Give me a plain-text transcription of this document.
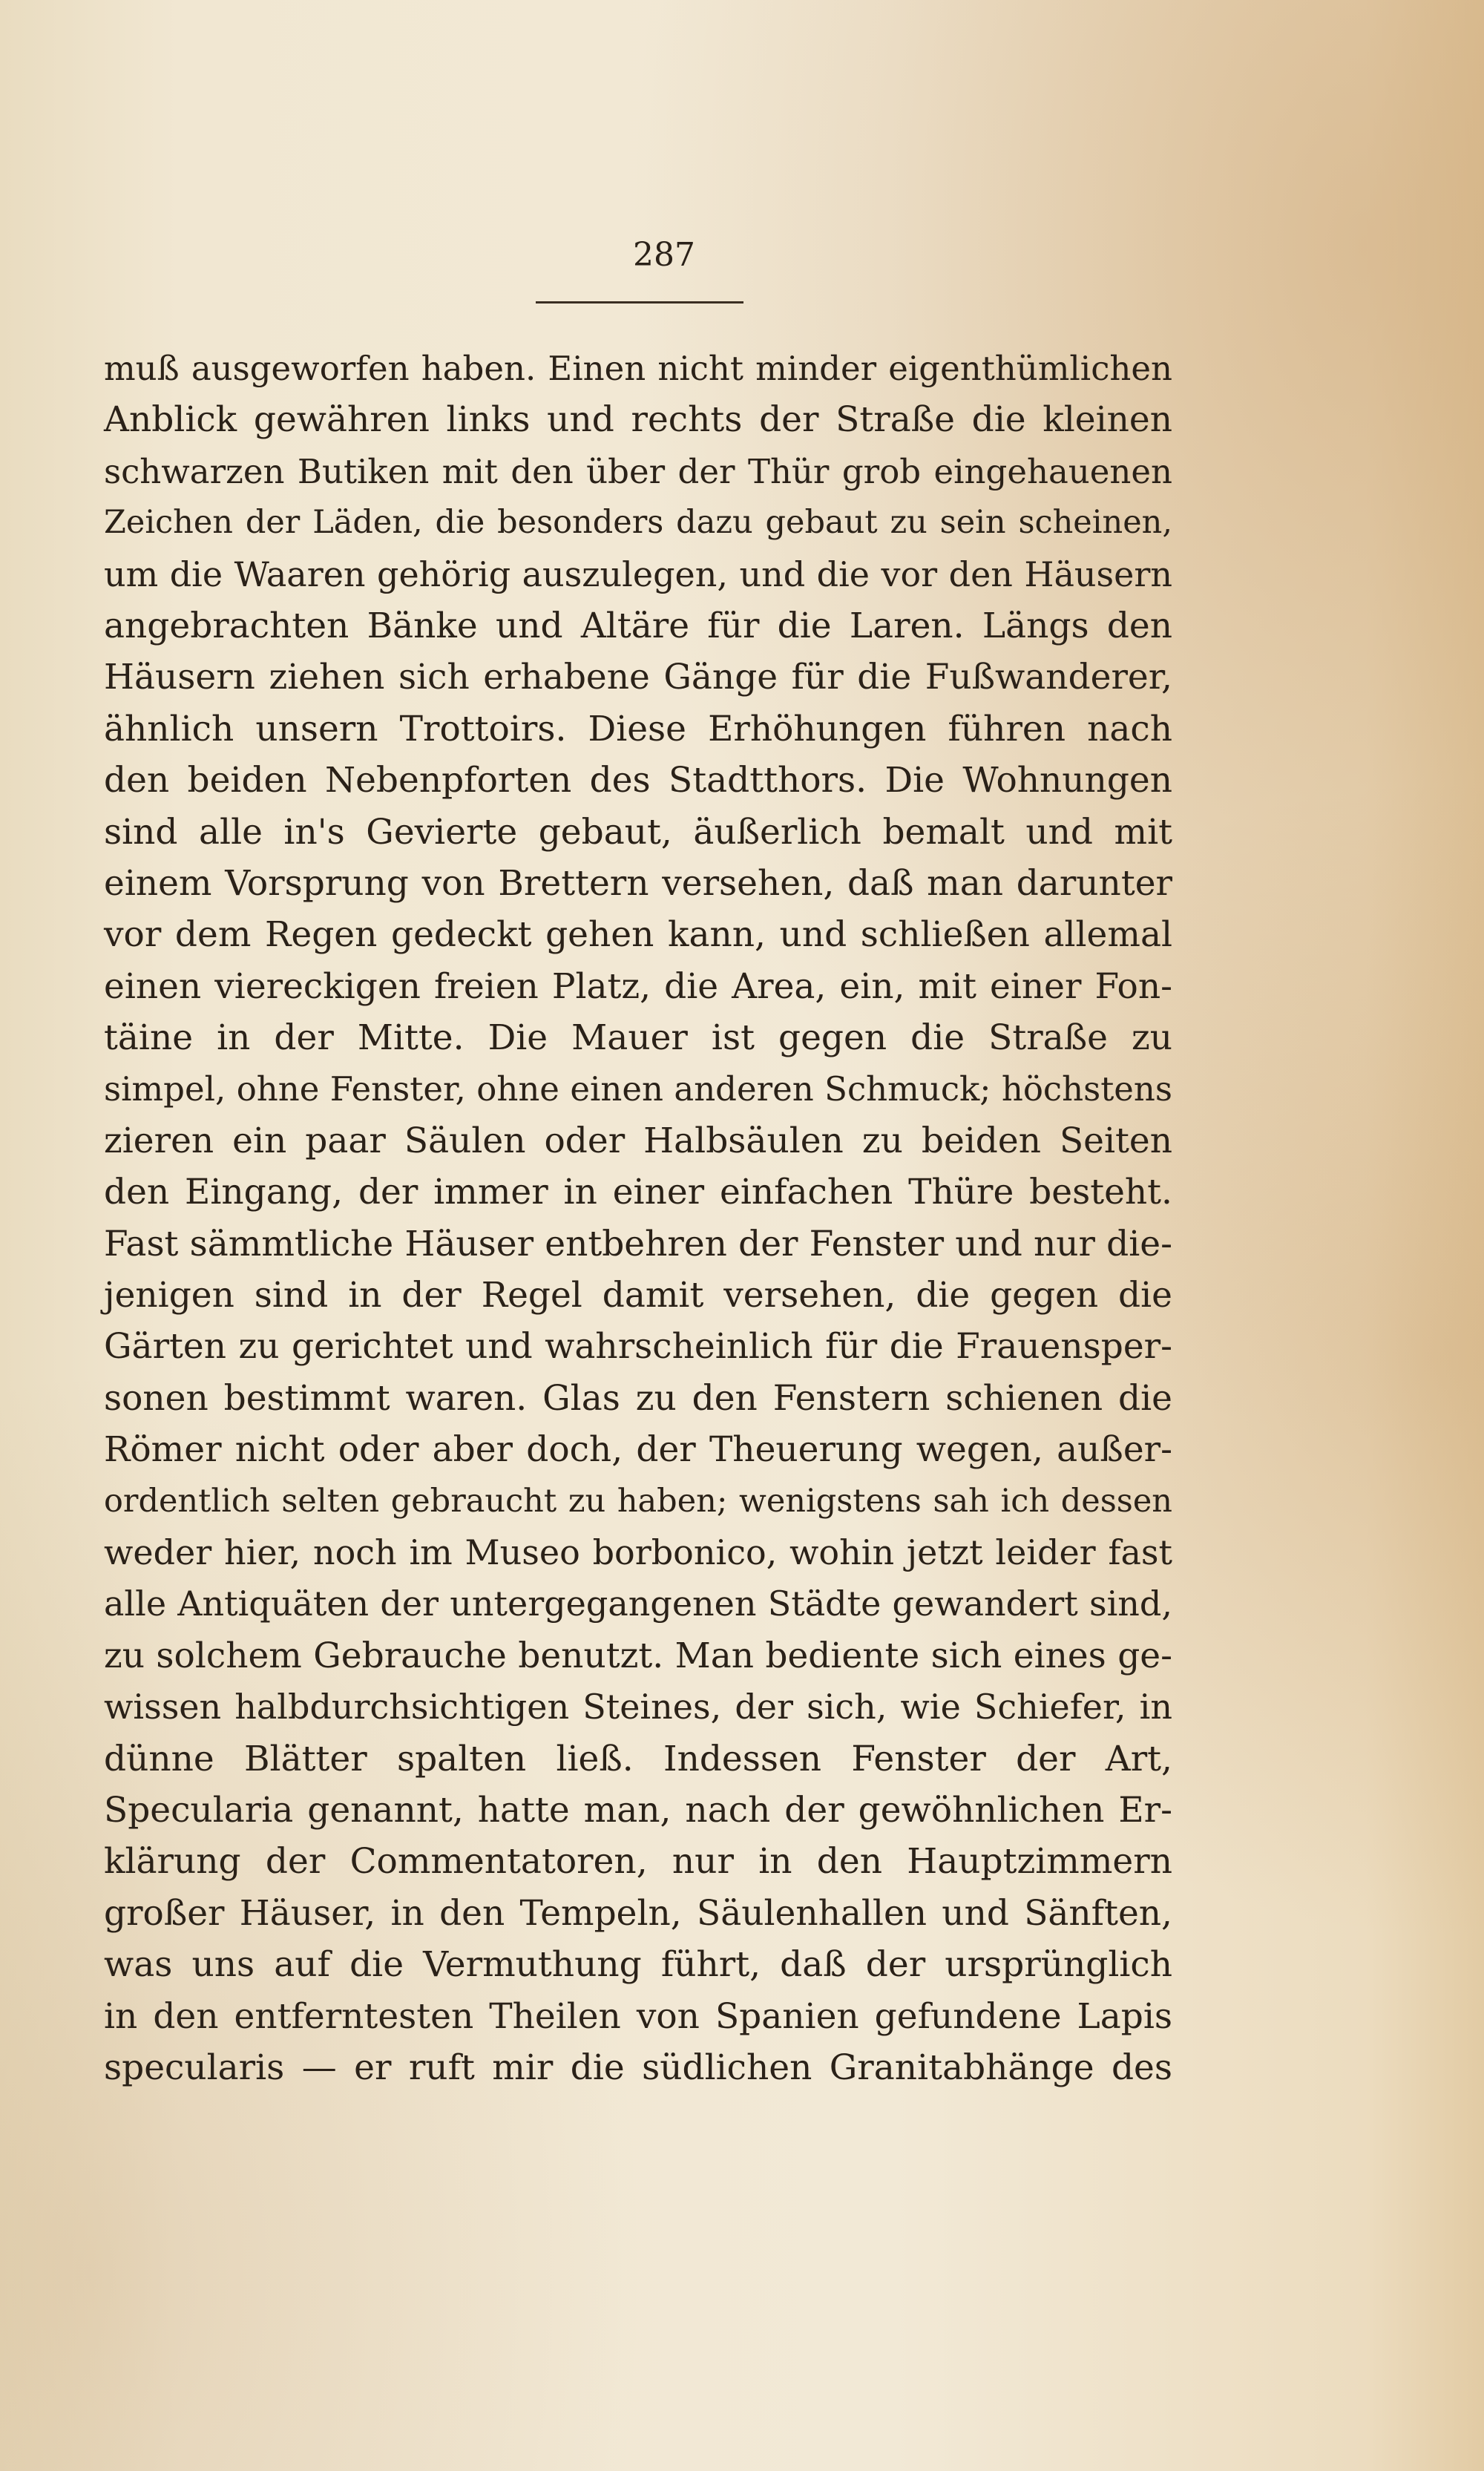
287
muß ausgeworfen haben. Einen nicht minder eigenthümlichen
Anblick gewähren links und rechts der Straße die kleinen
schwarzen Butiken mit den über der Thür grob eingehauenen
Zeichen der Läden, die besonders dazu gebaut zu sein scheinen,
um die Waaren gehörig auszulegen, und die vor den Häusern
angebrachten Bänke und Altäre für die Laren. Längs den
Häusern ziehen sich erhabene Gänge für die Fußwanderer,
ähnlich unsern Trottoirs. Diese Erhöhungen führen nach
den beiden Nebenpforten des Stadtthors. Die Wohnungen
sind alle in's Gevierte gebaut, äußerlich bemalt und mit
einem Vorsprung von Brettern versehen, daß man darunter
vor dem Regen gedeckt gehen kann, und schließen allemal
einen viereckigen freien Platz, die Area, ein, mit einer Fon-
täine in der Mitte. Die Mauer ist gegen die Straße zu
simpel, ohne Fenster, ohne einen anderen Schmuck; höchstens
zieren ein paar Säulen oder Halbsäulen zu beiden Seiten
den Eingang, der immer in einer einfachen Thüre besteht.
Fast sämmtliche Häuser entbehren der Fenster und nur die-
jenigen sind in der Regel damit versehen, die gegen die
Gärten zu gerichtet und wahrscheinlich für die Frauensper-
sonen bestimmt waren. Glas zu den Fenstern schienen die
Römer nicht oder aber doch, der Theuerung wegen, außer-
ordentlich selten gebraucht zu haben; wenigstens sah ich dessen
weder hier, noch im Museo borbonico, wohin jetzt leider fast
alle Antiquäten der untergegangenen Städte gewandert sind,
zu solchem Gebrauche benutzt. Man bediente sich eines ge-
wissen halbdurchsichtigen Steines, der sich, wie Schiefer, in
dünne Blätter spalten ließ. Indessen Fenster der Art,
Specularia genannt, hatte man, nach der gewöhnlichen Er-
klärung der Commentatoren, nur in den Hauptzimmern
großer Häuser, in den Tempeln, Säulenhallen und Sänften,
was uns auf die Vermuthung führt, daß der ursprünglich
in den entferntesten Theilen von Spanien gefundene Lapis
specularis — er ruft mir die südlichen Granitabhänge des
